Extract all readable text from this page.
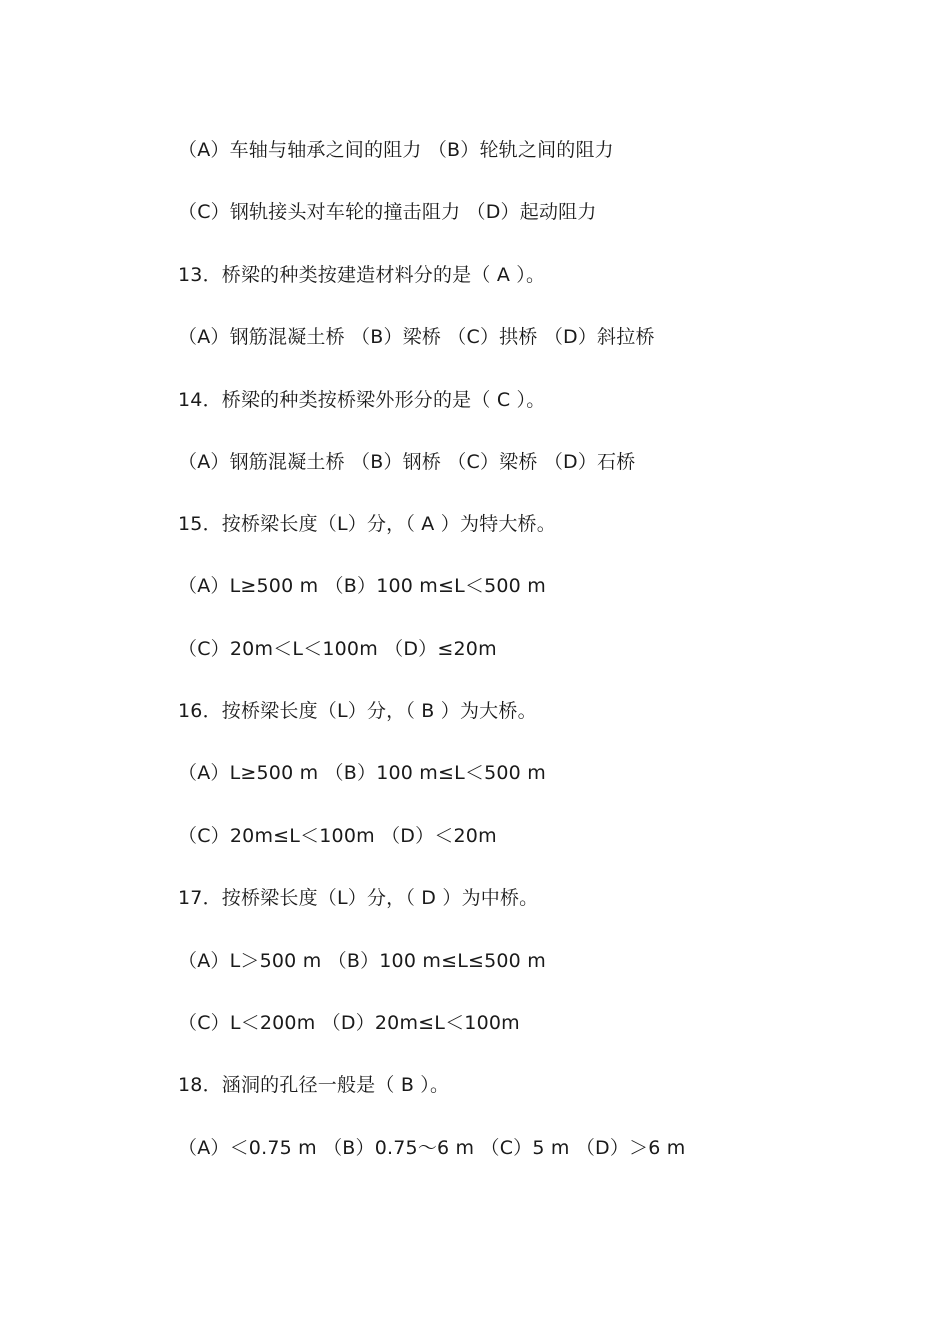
（A）车轴与轴承之间的阻力 （B）轮轨之间的阻力
（C）钢轨接头对车轮的撞击阻力 （D）起动阻力
13．桥梁的种类按建造材料分的是（ A ）。
（A）钢筋混凝土桥 （B）梁桥 （C）拱桥 （D）斜拉桥
14．桥梁的种类按桥梁外形分的是（ C ）。
（A）钢筋混凝土桥 （B）钢桥 （C）梁桥 （D）石桥
15．按桥梁长度（L）分，（ A ）为特大桥。
（A）L≥500 m （B）100 m≤L＜500 m
（C）20m＜L＜100m （D）≤20m
16．按桥梁长度（L）分，（ B ）为大桥。
（A）L≥500 m （B）100 m≤L＜500 m
（C）20m≤L＜100m （D）＜20m
17．按桥梁长度（L）分，（ D ）为中桥。
（A）L＞500 m （B）100 m≤L≤500 m
（C）L＜200m （D）20m≤L＜100m
18．涵洞的孔径一般是（ B ）。
（A）＜0.75 m （B）0.75～6 m （C）5 m （D）＞6 m
